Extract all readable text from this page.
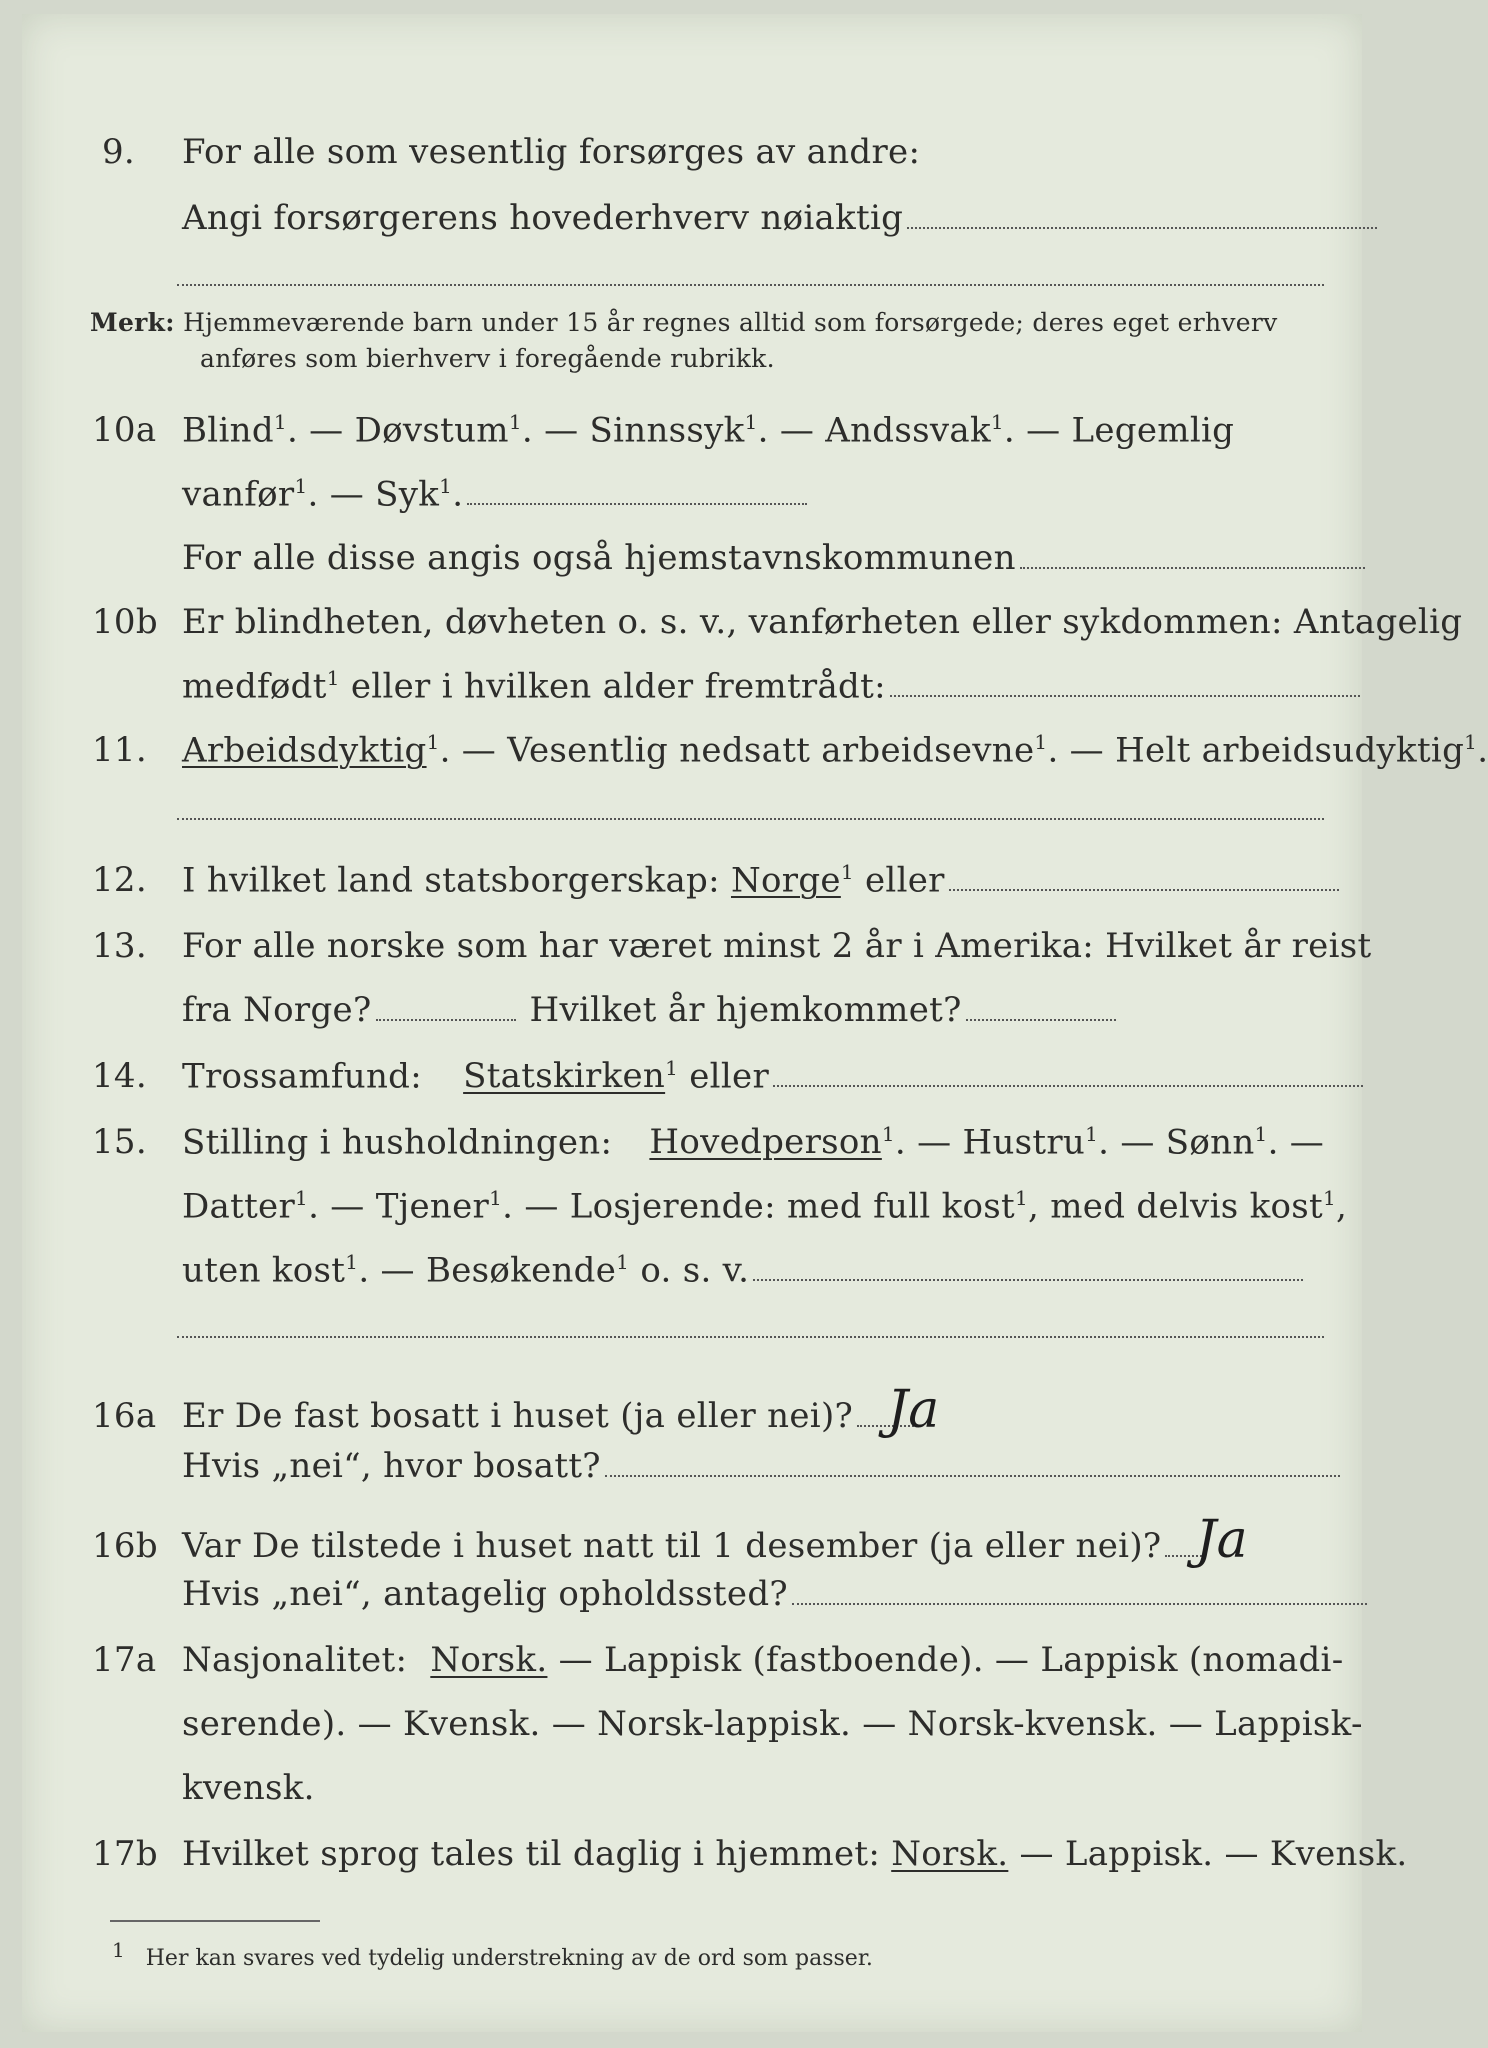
9. For alle som vesentlig forsørges av andre:
Angi forsørgerens hovederhverv nøiaktig
Merk: Hjemmeværende barn under 15 år regnes alltid som forsørgede; deres eget erhverv
anføres som bierhverv i foregående rubrikk.
10a Blind$^1$. — Døvstum$^1$. — Sinnssyk$^1$. — Andssvak$^1$. — Legemlig
vanfør$^1$. — Syk$^1$.
For alle disse angis også hjemstavnskommunen
10b Er blindheten, døvheten o. s. v., vanførheten eller sykdommen: Antagelig
medfødt$^1$ eller i hvilken alder fremtrådt:
11. Arbeidsdyktig$^1$. — Vesentlig nedsatt arbeidsevne$^1$. — Helt arbeidsudyktig$^1$.
12. I hvilket land statsborgerskap: Norge$^1$ eller
13. For alle norske som har været minst 2 år i Amerika: Hvilket år reist
fra Norge?	Hvilket år hjemkommet?
14. Trossamfund: Statskirken$^1$ eller
15. Stilling i husholdningen: Hovedperson$^1$. — Hustru$^1$. — Sønn$^1$. —
Datter$^1$. — Tjener$^1$. — Losjerende: med full kost$^1$, med delvis kost$^1$,
uten kost$^1$. — Besøkende$^1$ o. s. v.
16a Er De fast bosatt i huset (ja eller nei)? Ja
Hvis „nei“, hvor bosatt?
16b Var De tilstede i huset natt til 1 desember (ja eller nei)? Ja
Hvis „nei“, antagelig opholdssted?
17a Nasjonalitet: Norsk. — Lappisk (fastboende). — Lappisk (nomadi-
serende). — Kvensk. — Norsk-lappisk. — Norsk-kvensk. — Lappisk-
kvensk.
17b Hvilket sprog tales til daglig i hjemmet: Norsk. — Lappisk. — Kvensk.
1 Her kan svares ved tydelig understrekning av de ord som passer.
